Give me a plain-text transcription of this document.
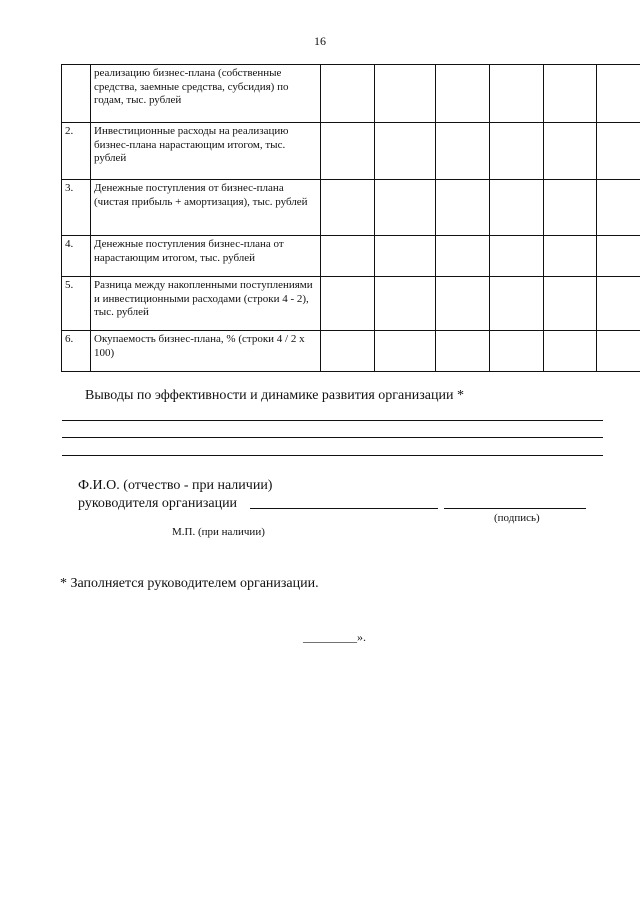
16
	реализацию бизнес-плана (собственные средства, заемные средства, субсидия) по годам, тыс. рублей						
2.	Инвестиционные расходы на реализацию бизнес-плана нарастающим итогом, тыс. рублей						
3.	Денежные поступления от бизнес-плана (чистая прибыль + амортизация), тыс. рублей						
4.	Денежные поступления бизнес-плана от нарастающим итогом, тыс. рублей						
5.	Разница между накопленными поступлениями и инвестиционными расходами (строки 4 - 2), тыс. рублей						
6.	Окупаемость бизнес-плана, % (строки 4 / 2 x 100)						
Выводы по эффективности и динамике развития организации *
Ф.И.О. (отчество - при наличии)
руководителя организации
(подпись)
М.П. (при наличии)
* Заполняется руководителем организации.
_________».
